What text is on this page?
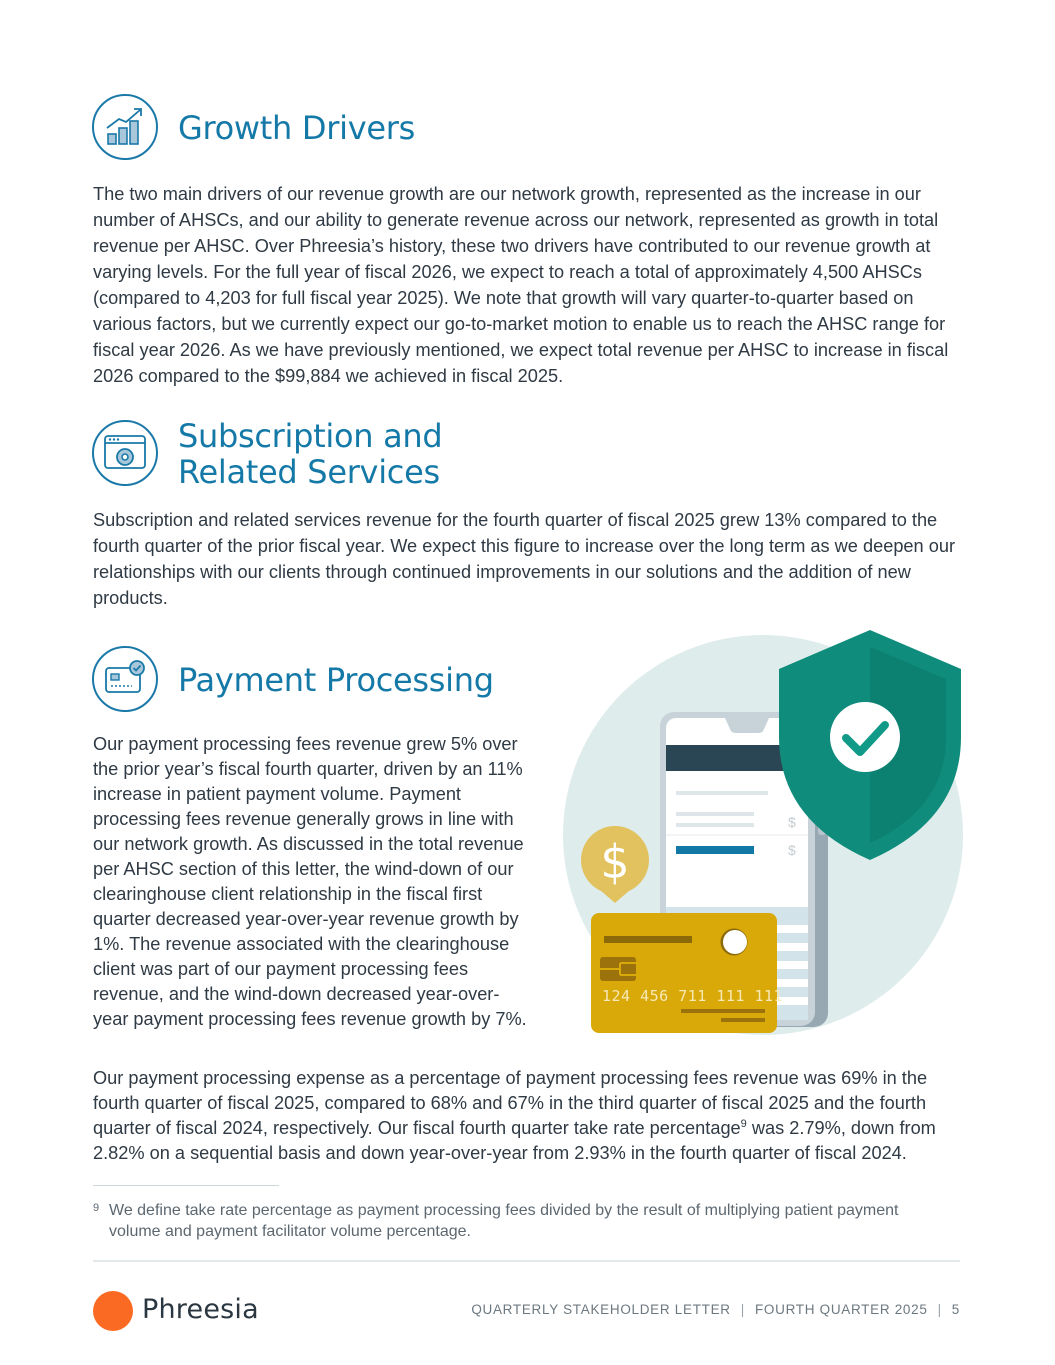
Growth Drivers

The two main drivers of our revenue growth are our network growth, represented as the increase in our number of AHSCs, and our ability to generate revenue across our network, represented as growth in total revenue per AHSC. Over Phreesia’s history, these two drivers have contributed to our revenue growth at varying levels. For the full year of fiscal 2026, we expect to reach a total of approximately 4,500 AHSCs (compared to 4,203 for full fiscal year 2025). We note that growth will vary quarter-to-quarter based on various factors, but we currently expect our go-to-market motion to enable us to reach the AHSC range for fiscal year 2026. As we have previously mentioned, we expect total revenue per AHSC to increase in fiscal 2026 compared to the $99,884 we achieved in fiscal 2025.

Subscription and
Related Services

Subscription and related services revenue for the fourth quarter of fiscal 2025 grew 13% compared to the fourth quarter of the prior fiscal year. We expect this figure to increase over the long term as we deepen our relationships with our clients through continued improvements in our solutions and the addition of new products.

Payment Processing

Our payment processing fees revenue grew 5% over the prior year’s fiscal fourth quarter, driven by an 11% increase in patient payment volume. Payment processing fees revenue generally grows in line with our network growth. As discussed in the total revenue per AHSC section of this letter, the wind-down of our clearinghouse client relationship in the fiscal first quarter decreased year-over-year revenue growth by 1%. The revenue associated with the clearinghouse client was part of our payment processing fees revenue, and the wind-down decreased year-over-year payment processing fees revenue growth by 7%.

$
$
$
124 456 711 111 111

Our payment processing expense as a percentage of payment processing fees revenue was 69% in the fourth quarter of fiscal 2025, compared to 68% and 67% in the third quarter of fiscal 2025 and the fourth quarter of fiscal 2024, respectively. Our fiscal fourth quarter take rate percentage$^9$ was 2.79%, down from 2.82% on a sequential basis and down year-over-year from 2.93% in the fourth quarter of fiscal 2024.

9 We define take rate percentage as payment processing fees divided by the result of multiplying patient payment volume and payment facilitator volume percentage.
Phreesia	QUARTERLY STAKEHOLDER LETTER | FOURTH QUARTER 2025 | 5
